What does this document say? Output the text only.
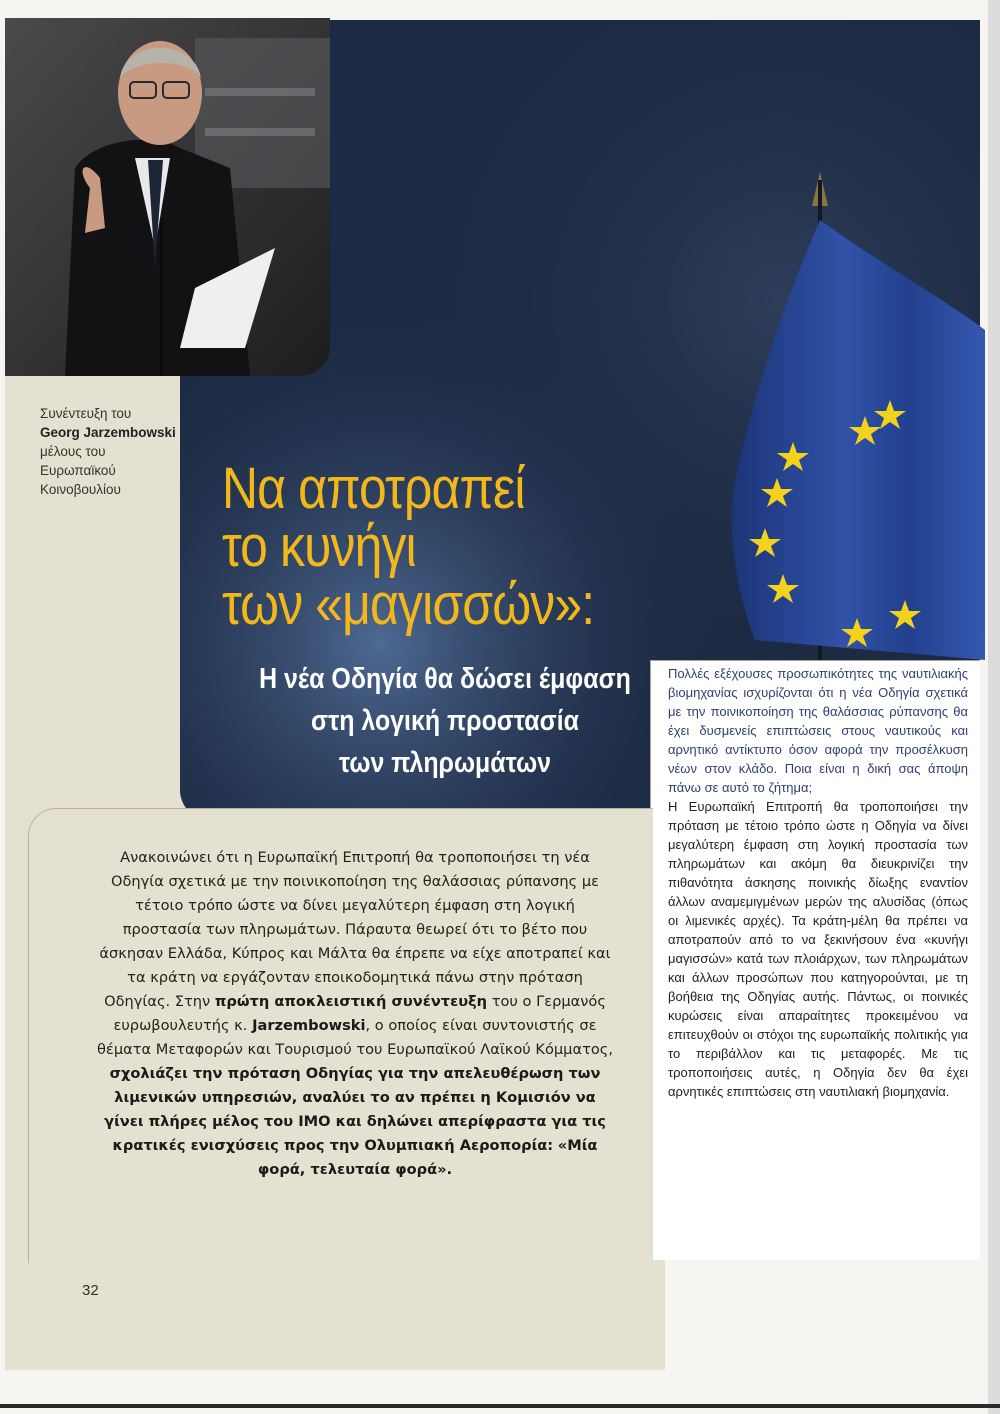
Συνέντευξη του
Georg Jarzembowski
μέλους του Ευρωπαϊκού
Κοινοβουλίου	Να αποτραπεί
το κυνήγι
των «μαγισσών»:
Η νέα Οδηγία θα δώσει έμφαση
στη λογική προστασία
των πληρωμάτων
Πολλές εξέχουσες προσωπικότητες της ναυτιλιακής βιομηχανίας ισχυρίζονται ότι η νέα Οδηγία σχετικά με την ποινικοποίηση της θαλάσσιας ρύπανσης θα έχει δυσμενείς επιπτώσεις στους ναυτικούς και αρνητικό αντίκτυπο όσον αφορά την προσέλκυση νέων στον κλάδο. Ποια είναι η δική σας άποψη πάνω σε αυτό το ζήτημα;
Η Ευρωπαϊκή Επιτροπή θα τροποποιήσει την πρόταση με τέτοιο τρόπο ώστε η Οδηγία να δίνει μεγαλύτερη έμφαση στη λογική προστασία των πληρωμάτων και ακόμη θα διευκρινίζει την πιθανότητα άσκησης ποινικής δίωξης εναντίον άλλων αναμεμιγμένων μερών της αλυσίδας (όπως οι λιμενικές αρχές). Τα κράτη-μέλη θα πρέπει να αποτραπούν από το να ξεκινήσουν ένα «κυνήγι μαγισσών» κατά των πλοιάρχων, των πληρωμάτων και άλλων προσώπων που κατηγορούνται, με τη βοήθεια της Οδηγίας αυτής. Πάντως, οι ποινικές κυρώσεις είναι απαραίτητες προκειμένου να επιτευχθούν οι στόχοι της ευρωπαϊκής πολιτικής για το περιβάλλον και τις μεταφορές. Με τις τροποποιήσεις αυτές, η Οδηγία δεν θα έχει αρνητικές επιπτώσεις στη ναυτιλιακή βιομηχανία.
Ανακοινώνει ότι η Ευρωπαϊκή Επιτροπή θα τροποποιήσει τη νέα Οδηγία σχετικά με την ποινικοποίηση της θαλάσσιας ρύπανσης με τέτοιο τρόπο ώστε να δίνει μεγαλύτερη έμφαση στη λογική προστασία των πληρωμάτων. Πάραυτα θεωρεί ότι το βέτο που άσκησαν Ελλάδα, Κύπρος και Μάλτα θα έπρεπε να είχε αποτραπεί και τα κράτη να εργάζονταν εποικοδομητικά πάνω στην πρόταση Οδηγίας. Στην πρώτη αποκλειστική συνέντευξη του ο Γερμανός ευρωβουλευτής κ. Jarzembowski, ο οποίος είναι συντονιστής σε θέματα Μεταφορών και Τουρισμού του Ευρωπαϊκού Λαϊκού Κόμματος, σχολιάζει την πρόταση Οδηγίας για την απελευθέρωση των λιμενικών υπηρεσιών, αναλύει το αν πρέπει η Κομισιόν να γίνει πλήρες μέλος του ΙΜΟ και δηλώνει απερίφραστα για τις κρατικές ενισχύσεις προς την Ολυμπιακή Αεροπορία: «Μία φορά, τελευταία φορά».
32
